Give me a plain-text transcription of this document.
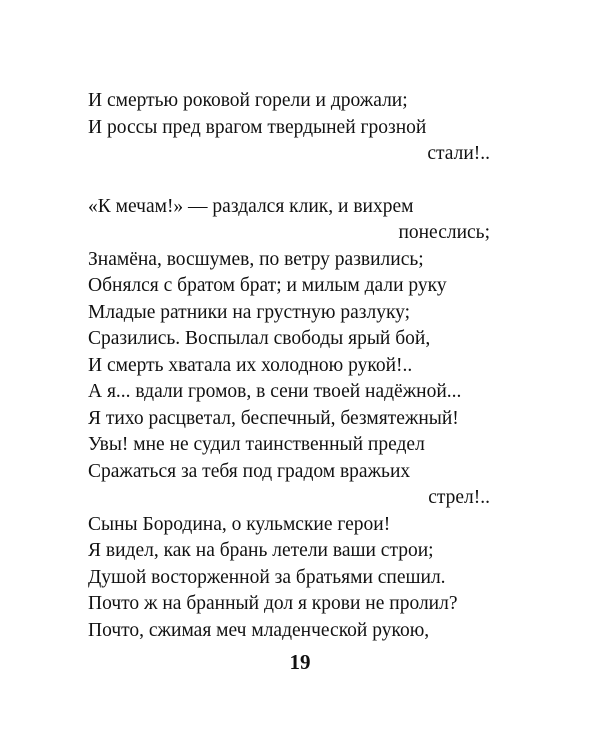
И смертью роковой горели и дрожали;
И россы пред врагом твердыней грозной
стали!..
«К мечам!» — раздался клик, и вихрем
понеслись;
Знамёна, восшумев, по ветру развились;
Обнялся с братом брат; и милым дали руку
Младые ратники на грустную разлуку;
Сразились. Воспылал свободы ярый бой,
И смерть хватала их холодною рукой!..
А я... вдали громов, в сени твоей надёжной...
Я тихо расцветал, беспечный, безмятежный!
Увы! мне не судил таинственный предел
Сражаться за тебя под градом вражьих
стрел!..
Сыны Бородина, о кульмские герои!
Я видел, как на брань летели ваши строи;
Душой восторженной за братьями спешил.
Почто ж на бранный дол я крови не пролил?
Почто, сжимая меч младенческой рукою,
19
